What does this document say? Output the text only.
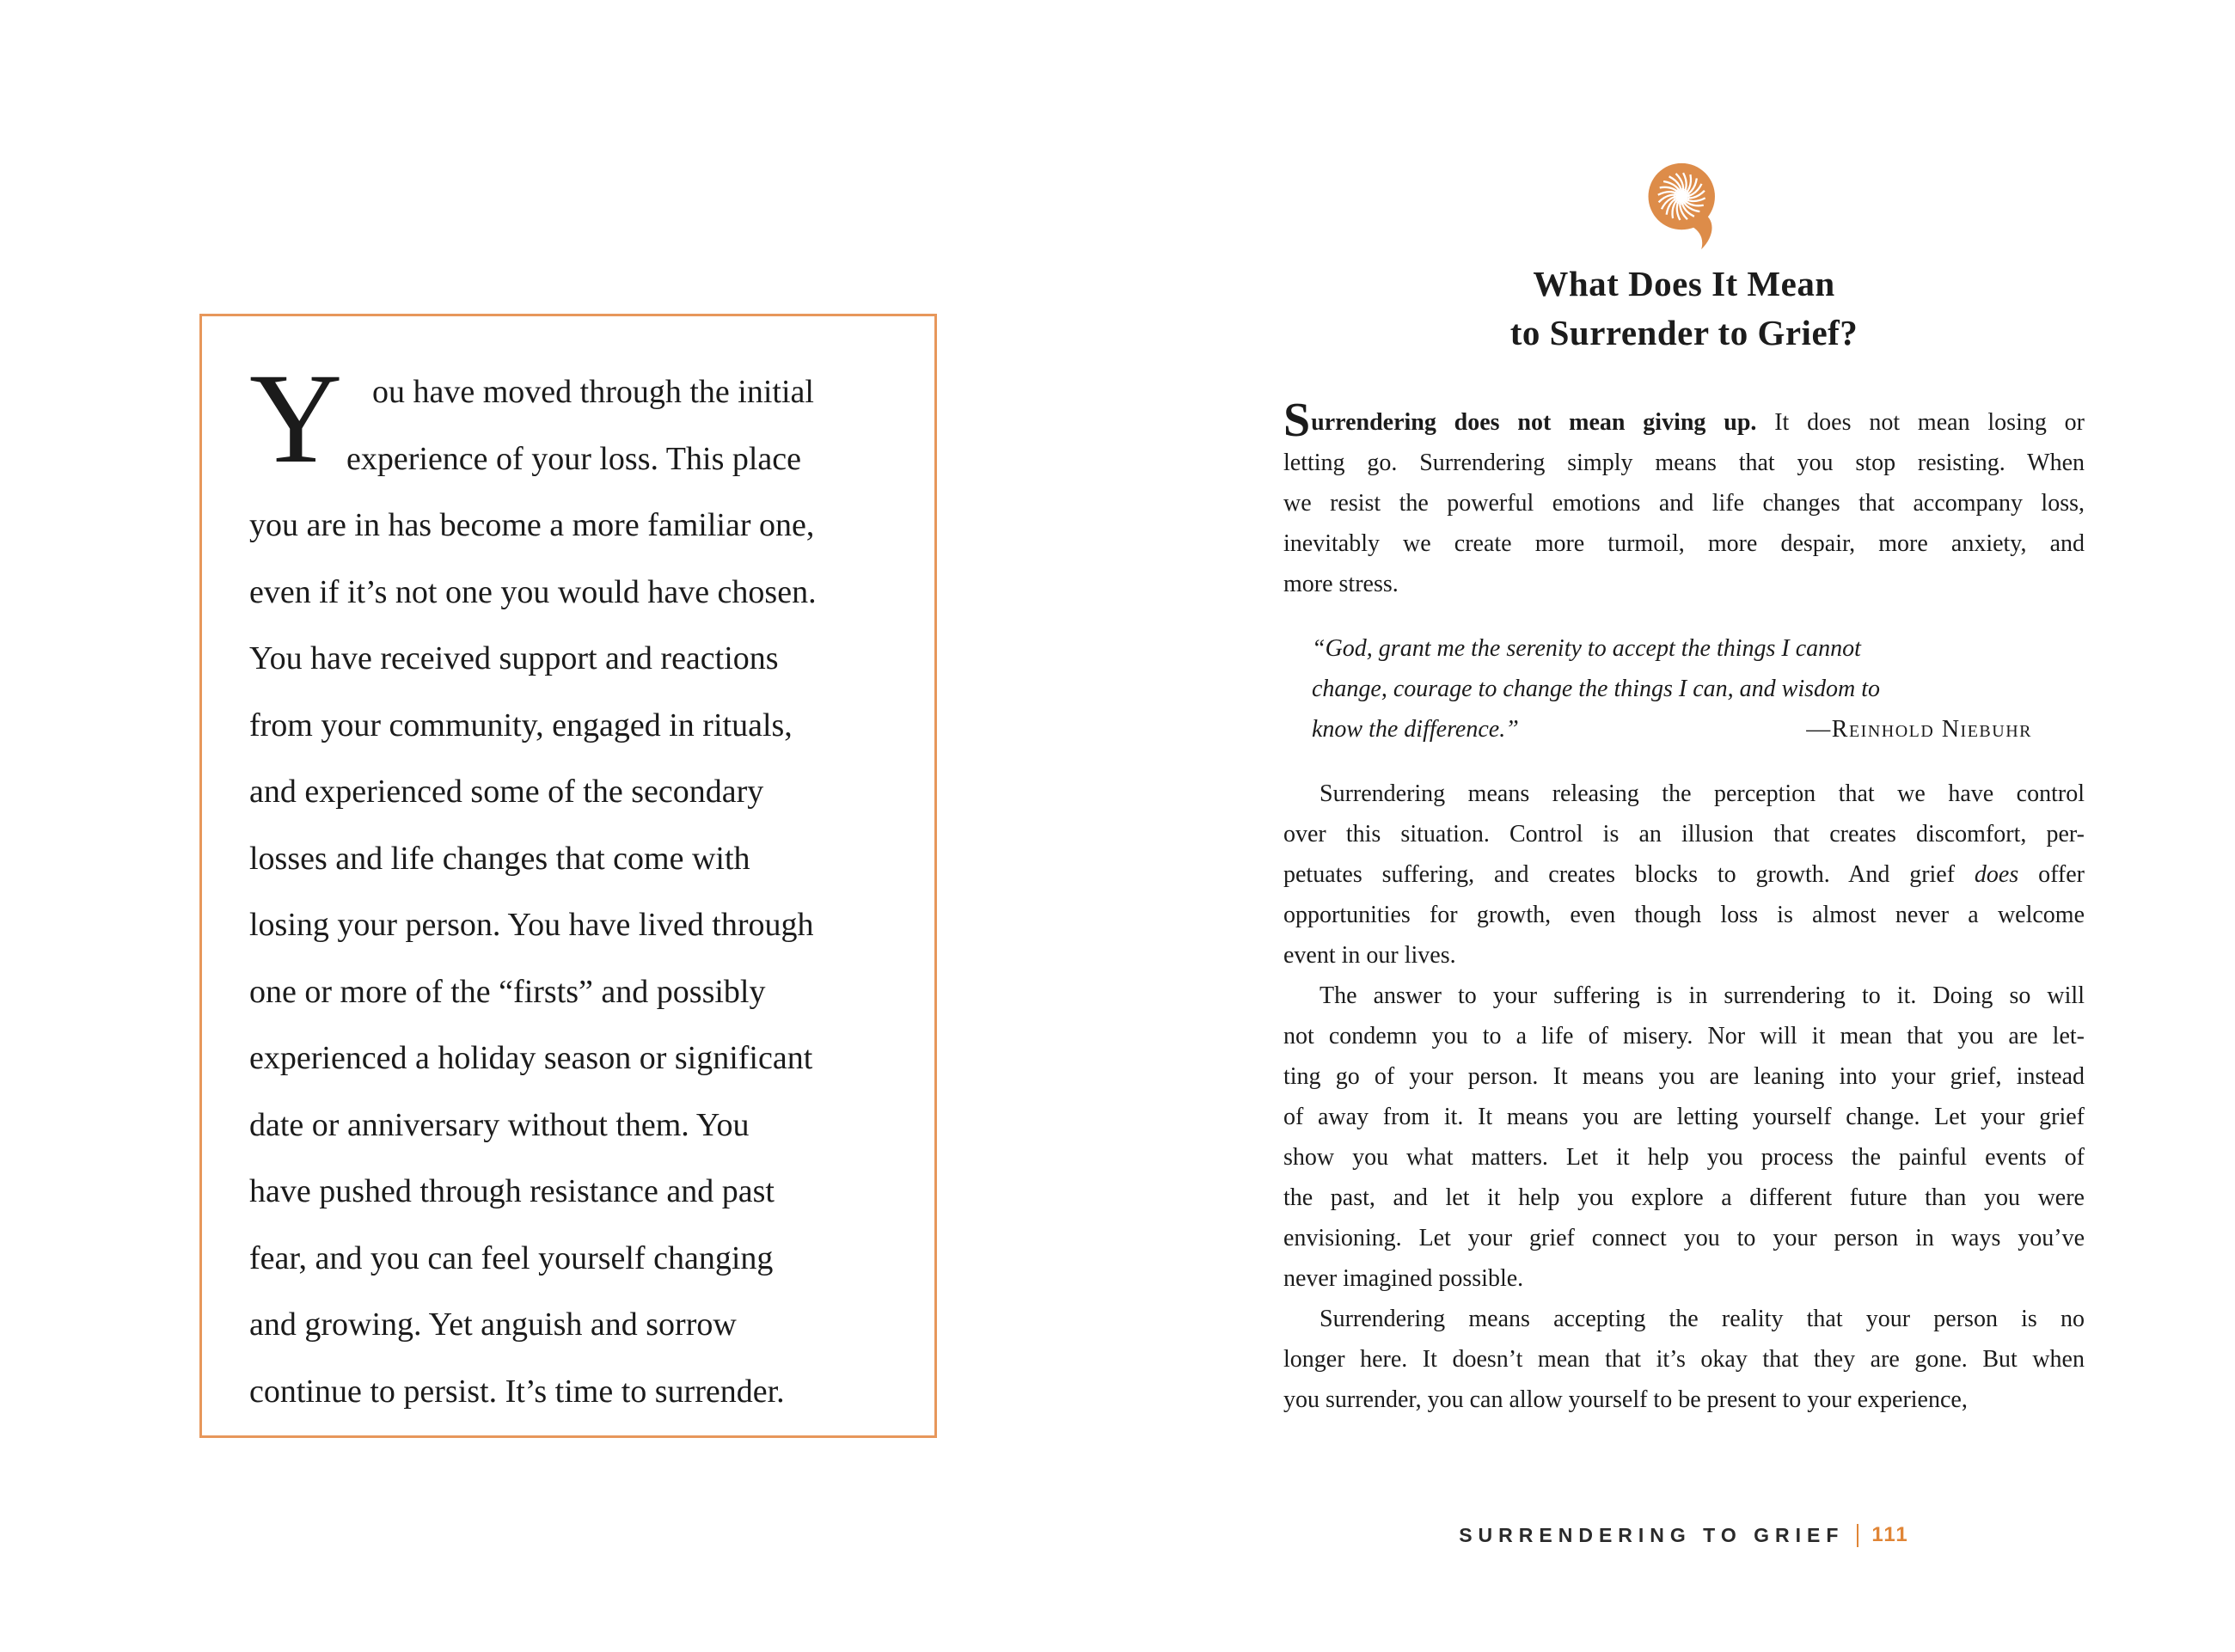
Y ou have moved through the initial
experience of your loss. This place
you are in has become a more familiar one,
even if it’s not one you would have chosen.
You have received support and reactions
from your community, engaged in rituals,
and experienced some of the secondary
losses and life changes that come with
losing your person. You have lived through
one or more of the “firsts” and possibly
experienced a holiday season or significant
date or anniversary without them. You
have pushed through resistance and past
fear, and you can feel yourself changing
and growing. Yet anguish and sorrow
continue to persist. It’s time to surrender.
What Does It Mean
to Surrender to Grief?
Surrendering does not mean giving up. It does not mean losing or
letting go. Surrendering simply means that you stop resisting. When
we resist the powerful emotions and life changes that accompany loss,
inevitably we create more turmoil, more despair, more anxiety, and
more stress.
“God, grant me the serenity to accept the things I cannot
change, courage to change the things I can, and wisdom to
know the difference.”	—Reinhold Niebuhr
Surrendering means releasing the perception that we have control
over this situation. Control is an illusion that creates discomfort, per-
petuates suffering, and creates blocks to growth. And grief does offer
opportunities for growth, even though loss is almost never a welcome
event in our lives.
The answer to your suffering is in surrendering to it. Doing so will
not condemn you to a life of misery. Nor will it mean that you are let-
ting go of your person. It means you are leaning into your grief, instead
of away from it. It means you are letting yourself change. Let your grief
show you what matters. Let it help you process the painful events of
the past, and let it help you explore a different future than you were
envisioning. Let your grief connect you to your person in ways you’ve
never imagined possible.
Surrendering means accepting the reality that your person is no
longer here. It doesn’t mean that it’s okay that they are gone. But when
you surrender, you can allow yourself to be present to your experience,
SURRENDERING TO GRIEF 111
